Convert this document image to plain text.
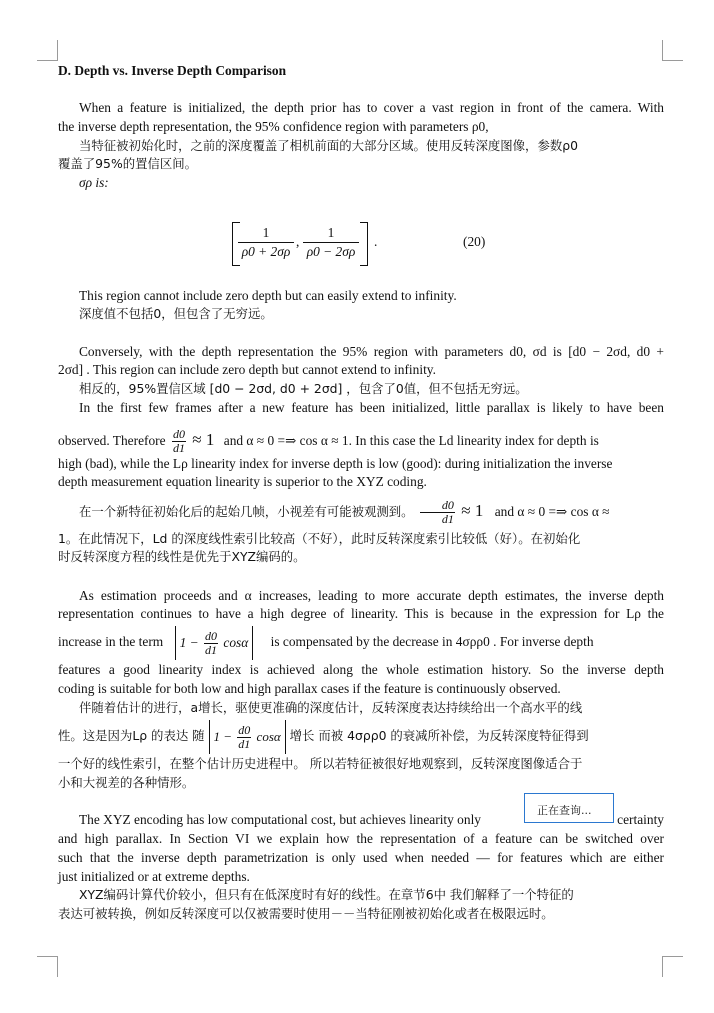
D. Depth vs. Inverse Depth Comparison
When a feature is initialized, the depth prior has to cover a vast region in front of the camera. With
the inverse depth representation, the 95% confidence region with parameters ρ0,
当特征被初始化时，之前的深度覆盖了相机前面的大部分区域。使用反转深度图像，参数ρ0
覆盖了95%的置信区间。
σρ is:
$\frac{1}{\rho 0 + 2\sigma\rho}$ , $\frac{1}{\rho 0 - 2\sigma\rho}$ .	(20)
This region cannot include zero depth but can easily extend to infinity.
深度值不包括0，但包含了无穷远。
Conversely, with the depth representation the 95% region with parameters d0, σd is [d0 − 2σd, d0 +
2σd] . This region can include zero depth but cannot extend to infinity.
相反的，95%置信区域 [d0 − 2σd, d0 + 2σd] ，包含了0值，但不包括无穷远。
In the first few frames after a new feature has been initialized, little parallax is likely to have been
observed. Therefore $\frac{d0}{d1} \approx 1$ and α ≈ 0 =⇒ cos α ≈ 1. In this case the Ld linearity index for depth is
high (bad), while the Lρ linearity index for inverse depth is low (good): during initialization the inverse
depth measurement equation linearity is superior to the XYZ coding.
在一个新特征初始化后的起始几帧，小视差有可能被观测到。 $\frac{d0}{d1} \approx 1$ and α ≈ 0 =⇒ cos α ≈
1。在此情况下，Ld 的深度线性索引比较高（不好），此时反转深度索引比较低（好）。在初始化
时反转深度方程的线性是优先于XYZ编码的。
As estimation proceeds and α increases, leading to more accurate depth estimates, the inverse depth
representation continues to have a high degree of linearity. This is because in the expression for Lρ the
increase in the term $1 - \frac{d0}{d1}$ cosα is compensated by the decrease in 4σρρ0 . For inverse depth
features a good linearity index is achieved along the whole estimation history. So the inverse depth
coding is suitable for both low and high parallax cases if the feature is continuously observed.
伴随着估计的进行，a增长，驱使更准确的深度估计，反转深度表达持续给出一个高水平的线
性。这是因为Lρ 的表达 随 $1 - \frac{d0}{d1}$ cosα 增长 而被 4σρρ0 的衰减所补偿，为反转深度特征得到
一个好的线性索引，在整个估计历史进程中。 所以若特征被很好地观察到，反转深度图像适合于
小和大视差的各种情形。
The XYZ encoding has low computational cost, but achieves linearity only	certainty
and high parallax. In Section VI we explain how the representation of a feature can be switched over
such that the inverse depth parametrization is only used when needed — for features which are either
just initialized or at extreme depths.
XYZ编码计算代价较小，但只有在低深度时有好的线性。在章节6中 我们解释了一个特征的
表达可被转换，例如反转深度可以仅被需要时使用－－当特征刚被初始化或者在极限远时。
正在查询...
